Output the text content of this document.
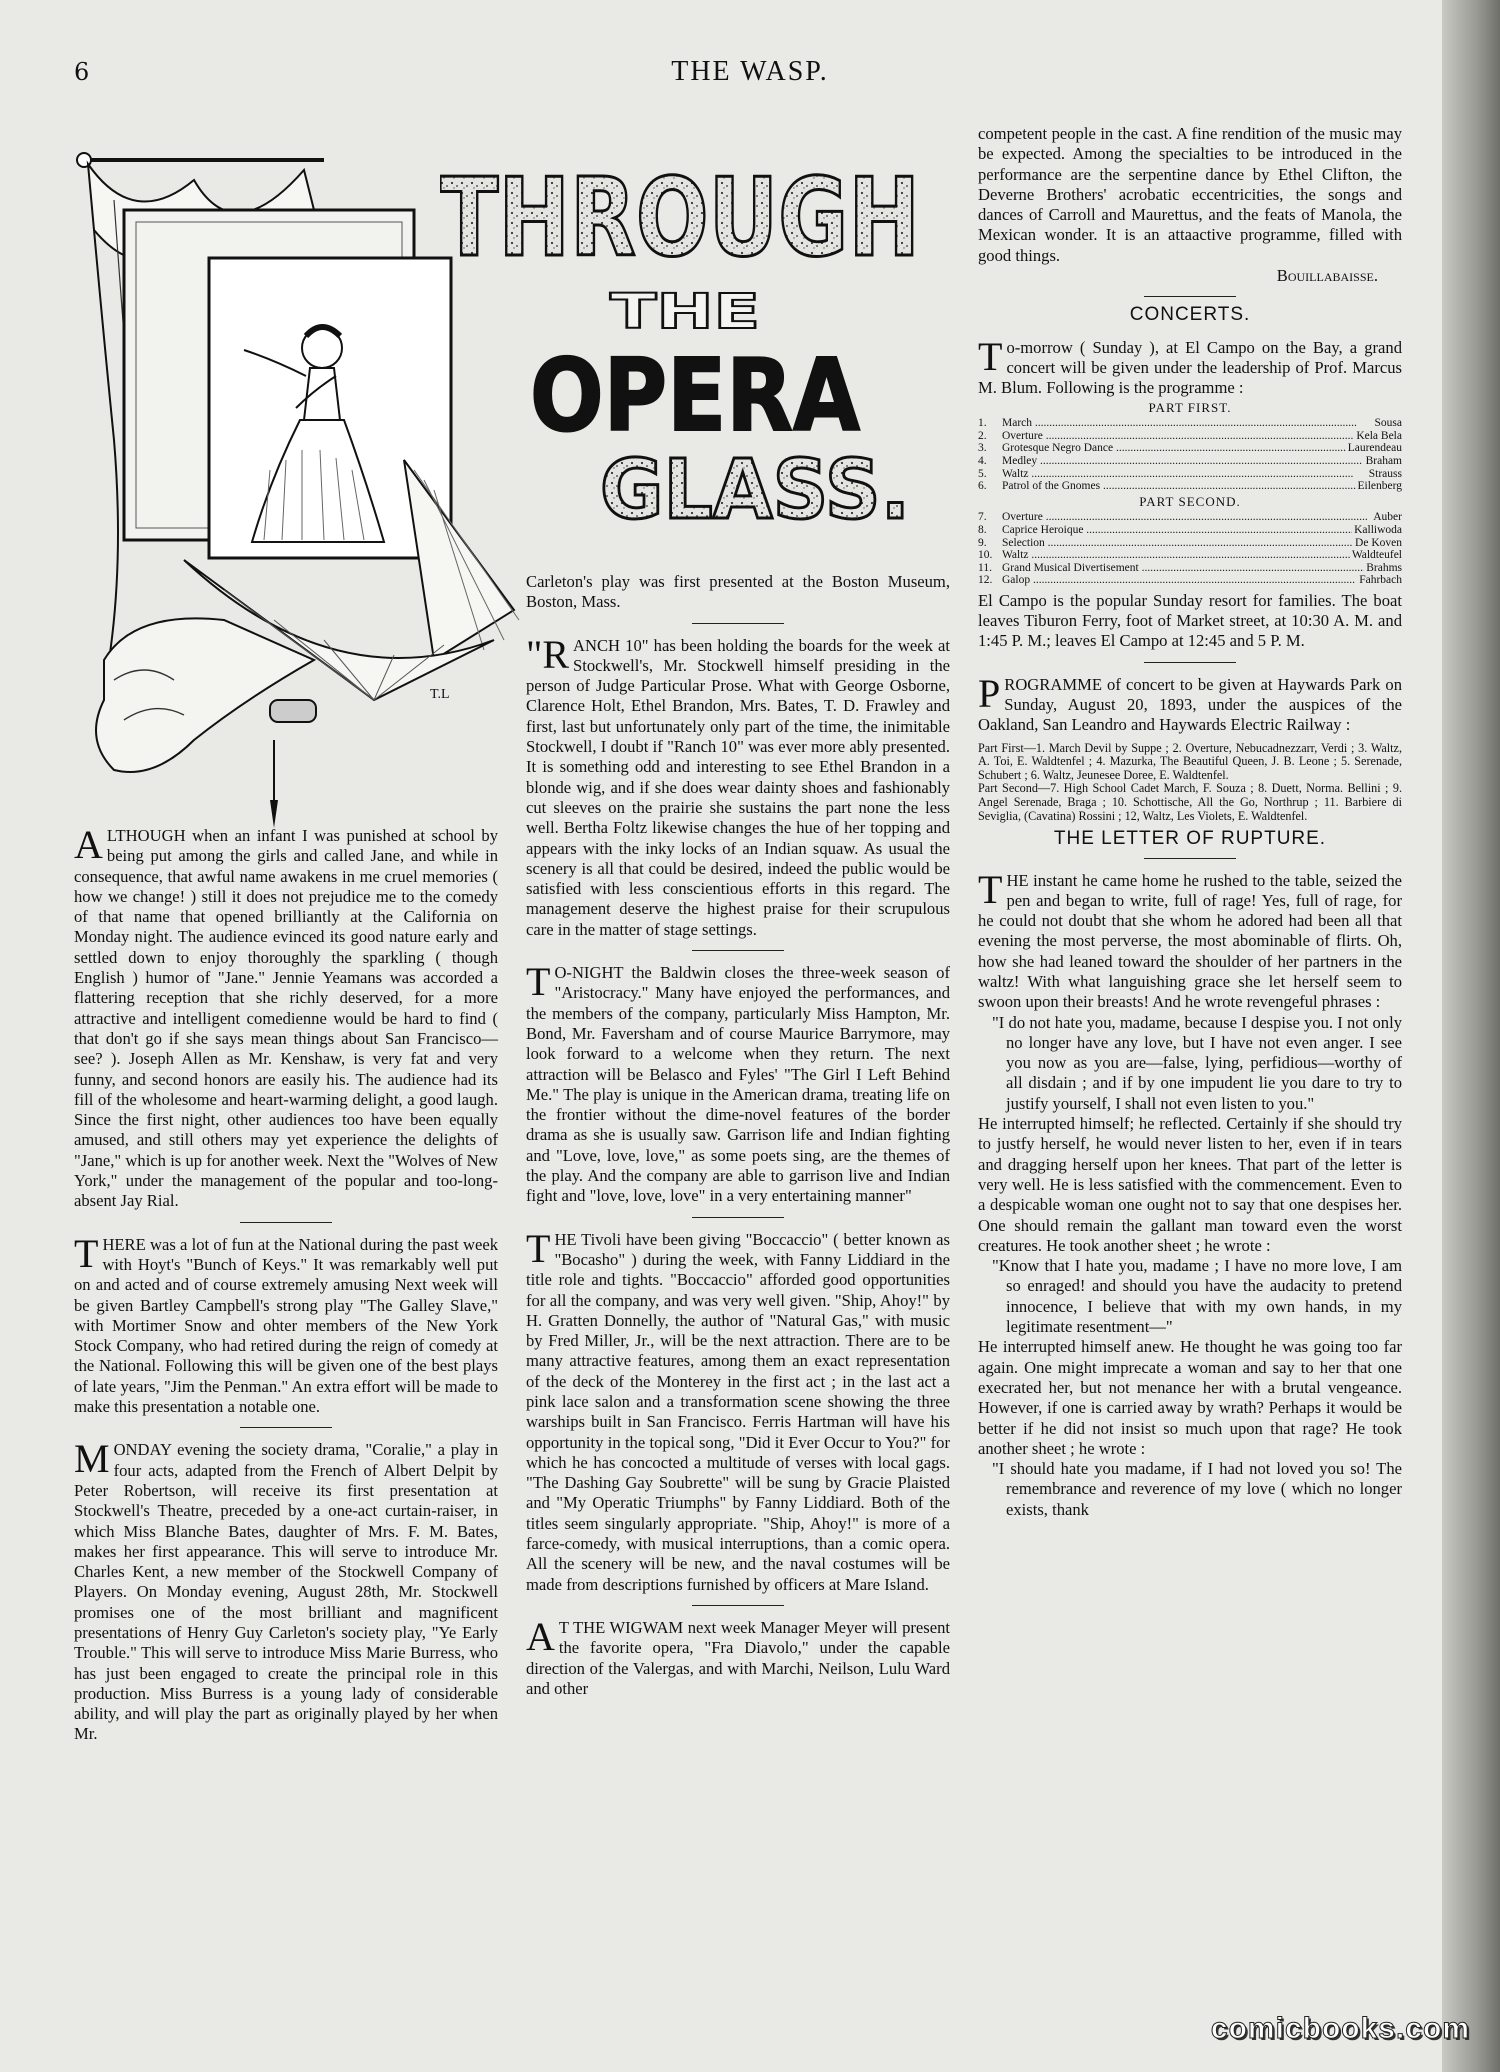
6	THE WASP.
T.L
THROUGH
THE
OPERA
GLASS.
ALTHOUGH when an infant I was punished at school by being put among the girls and called Jane, and while in consequence, that awful name awakens in me cruel memories ( how we change! ) still it does not prejudice me to the comedy of that name that opened brilliantly at the California on Monday night. The audience evinced its good nature early and settled down to enjoy thoroughly the sparkling ( though English ) humor of "Jane." Jennie Yeamans was accorded a flattering reception that she richly deserved, for a more attractive and intelligent comedienne would be hard to find ( that don't go if she says mean things about San Francisco—see? ). Joseph Allen as Mr. Kenshaw, is very fat and very funny, and second honors are easily his. The audience had its fill of the wholesome and heart-warming delight, a good laugh. Since the first night, other audiences too have been equally amused, and still others may yet experience the delights of "Jane," which is up for another week. Next the "Wolves of New York," under the management of the popular and too-long-absent Jay Rial.
THERE was a lot of fun at the National during the past week with Hoyt's "Bunch of Keys." It was remarkably well put on and acted and of course extremely amusing Next week will be given Bartley Campbell's strong play "The Galley Slave," with Mortimer Snow and ohter members of the New York Stock Company, who had retired during the reign of comedy at the National. Following this will be given one of the best plays of late years, "Jim the Penman." An extra effort will be made to make this presentation a notable one.
MONDAY evening the society drama, "Coralie," a play in four acts, adapted from the French of Albert Delpit by Peter Robertson, will receive its first presentation at Stockwell's Theatre, preceded by a one-act curtain-raiser, in which Miss Blanche Bates, daughter of Mrs. F. M. Bates, makes her first appearance. This will serve to introduce Mr. Charles Kent, a new member of the Stockwell Company of Players. On Monday evening, August 28th, Mr. Stockwell promises one of the most brilliant and magnificent presentations of Henry Guy Carleton's society play, "Ye Early Trouble." This will serve to introduce Miss Marie Burress, who has just been engaged to create the principal role in this production. Miss Burress is a young lady of considerable ability, and will play the part as originally played by her when Mr.

Carleton's play was first presented at the Boston Museum, Boston, Mass.

"RANCH 10" has been holding the boards for the week at Stockwell's, Mr. Stockwell himself presiding in the person of Judge Particular Prose. What with George Osborne, Clarence Holt, Ethel Brandon, Mrs. Bates, T. D. Frawley and first, last but unfortunately only part of the time, the inimitable Stockwell, I doubt if "Ranch 10" was ever more ably presented. It is something odd and interesting to see Ethel Brandon in a blonde wig, and if she does wear dainty shoes and fashionably cut sleeves on the prairie she sustains the part none the less well. Bertha Foltz likewise changes the hue of her topping and appears with the inky locks of an Indian squaw. As usual the scenery is all that could be desired, indeed the public would be satisfied with less conscientious efforts in this regard. The management deserve the highest praise for their scrupulous care in the matter of stage settings.
T O-NIGHT the Baldwin closes the three-week season of "Aristocracy." Many have enjoyed the performances, and the members of the company, particularly Miss Hampton, Mr. Bond, Mr. Faversham and of course Maurice Barrymore, may look forward to a welcome when they return. The next attraction will be Belasco and Fyles' "The Girl I Left Behind Me." The play is unique in the American drama, treating life on the frontier without the dime-novel features of the border drama as she is usually saw. Garrison life and Indian fighting and "Love, love, love," as some poets sing, are the themes of the play. And the company are able to garrison live and Indian fight and "love, love, love" in a very entertaining manner"
THE Tivoli have been giving "Boccaccio" ( better known as "Bocasho" ) during the week, with Fanny Liddiard in the title role and tights. "Boccaccio" afforded good opportunities for all the company, and was very well given. "Ship, Ahoy!" by H. Gratten Donnelly, the author of "Natural Gas," with music by Fred Miller, Jr., will be the next attraction. There are to be many attractive features, among them an exact representation of the deck of the Monterey in the first act ; in the last act a pink lace salon and a transformation scene showing the three warships built in San Francisco. Ferris Hartman will have his opportunity in the topical song, "Did it Ever Occur to You?" for which he has concocted a multitude of verses with local gags. "The Dashing Gay Soubrette" will be sung by Gracie Plaisted and "My Operatic Triumphs" by Fanny Liddiard. Both of the titles seem singularly appropriate. "Ship, Ahoy!" is more of a farce-comedy, with musical interruptions, than a comic opera. All the scenery will be new, and the naval costumes will be made from descriptions furnished by officers at Mare Island.
A T THE WIGWAM next week Manager Meyer will present the favorite opera, "Fra Diavolo," under the capable direction of the Valergas, and with Marchi, Neilson, Lulu Ward and other

competent people in the cast. A fine rendition of the music may be expected. Among the specialties to be introduced in the performance are the serpentine dance by Ethel Clifton, the Deverne Brothers' acrobatic eccentricities, the songs and dances of Carroll and Maurettus, and the feats of Manola, the Mexican wonder. It is an attaactive programme, filled with good things.

Bouillabaisse.
CONCERTS.
To-morrow ( Sunday ), at El Campo on the Bay, a grand concert will be given under the leadership of Prof. Marcus M. Blum. Following is the programme :
PART FIRST.
1.	March .....	Sousa
2.	Overture .....	Kela Bela
3.	Grotesque Negro Dance .....	Laurendeau
4.	Medley .....	Braham
5.	Waltz .....	Strauss
6.	Patrol of the Gnomes .....	Eilenberg
PART SECOND.
7.	Overture .....	Auber
8.	Caprice Heroique .....	Kalliwoda
9.	Selection .....	De Koven
10. Waltz .....	Waldteufel
11. Grand Musical Divertisement .....	Brahms
12. Galop .....	Fahrbach

El Campo is the popular Sunday resort for families. The boat leaves Tiburon Ferry, foot of Market street, at 10:30 A. M. and 1:45 P. M.; leaves El Campo at 12:45 and 5 P. M.

PROGRAMME of concert to be given at Haywards Park on Sunday, August 20, 1893, under the auspices of the Oakland, San Leandro and Haywards Electric Railway :

Part First—1. March Devil by Suppe ; 2. Overture, Nebucadnezzarr, Verdi ; 3. Waltz, A. Toi, E. Waldtenfel ; 4. Mazurka, The Beautiful Queen, J. B. Leone ; 5. Serenade, Schubert ; 6. Waltz, Jeunesee Doree, E. Waldtenfel.

Part Second—7. High School Cadet March, F. Souza ; 8. Duett, Norma. Bellini ; 9. Angel Serenade, Braga ; 10. Schottische, All the Go, Northrup ; 11. Barbiere di Seviglia, (Cavatina) Rossini ; 12, Waltz, Les Violets, E. Waldtenfel.

THE LETTER OF RUPTURE.
THE instant he came home he rushed to the table, seized the pen and began to write, full of rage! Yes, full of rage, for he could not doubt that she whom he adored had been all that evening the most perverse, the most abominable of flirts. Oh, how she had leaned toward the shoulder of her partners in the waltz! With what languishing grace she let herself seem to swoon upon their breasts! And he wrote revengeful phrases :

"I do not hate you, madame, because I despise you. I not only no longer have any love, but I have not even anger. I see you now as you are—false, lying, perfidious—worthy of all disdain ; and if by one impudent lie you dare to try to justify yourself, I shall not even listen to you."

He interrupted himself; he reflected. Certainly if she should try to justfy herself, he would never listen to her, even if in tears and dragging herself upon her knees. That part of the letter is very well. He is less satisfied with the commencement. Even to a despicable woman one ought not to say that one despises her. One should remain the gallant man toward even the worst creatures. He took another sheet ; he wrote :

"Know that I hate you, madame ; I have no more love, I am so enraged! and should you have the audacity to pretend innocence, I believe that with my own hands, in my legitimate resentment—"

He interrupted himself anew. He thought he was going too far again. One might imprecate a woman and say to her that one execrated her, but not menance her with a brutal vengeance. However, if one is carried away by wrath? Perhaps it would be better if he did not insist so much upon that rage? He took another sheet ; he wrote :

"I should hate you madame, if I had not loved you so! The remembrance and reverence of my love ( which no longer exists, thank

comicbooks.com
